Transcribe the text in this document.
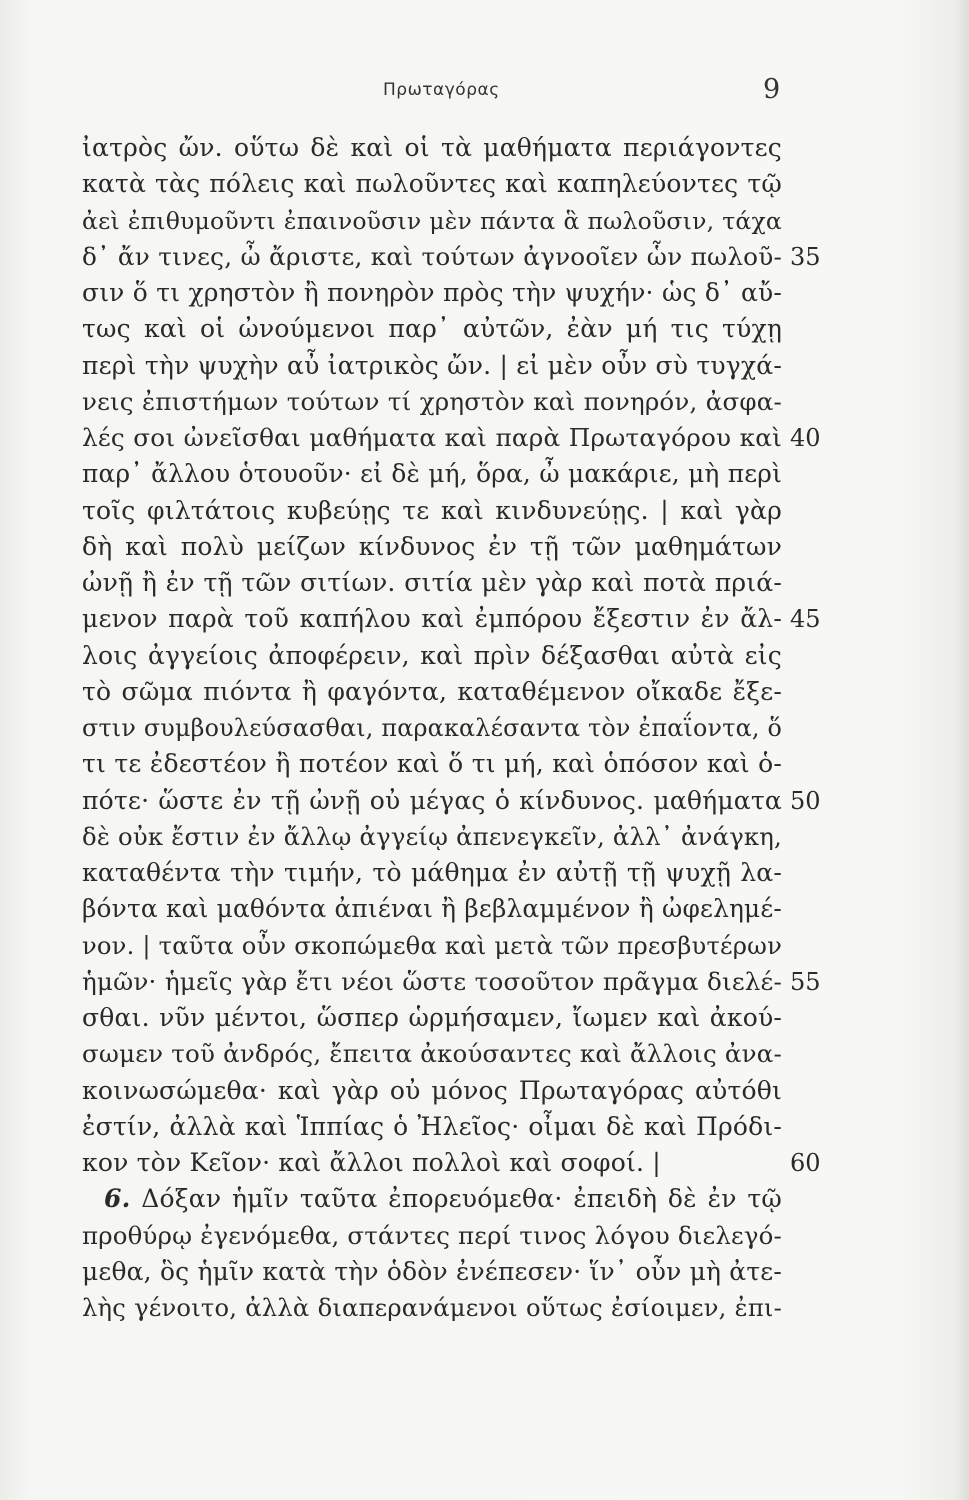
Πρωταγόρας	9
ἰατρὸς ὤν. οὕτω δὲ καὶ οἱ τὰ μαθήματα περιάγοντες
κατὰ τὰς πόλεις καὶ πωλοῦντες καὶ καπηλεύοντες τῷ
ἀεὶ ἐπιθυμοῦντι ἐπαινοῦσιν μὲν πάντα ἃ πωλοῦσιν, τάχα
δ᾽ ἄν τινες, ὦ ἄριστε, καὶ τούτων ἀγνοοῖεν ὧν πωλοῦ- 35
σιν ὅ τι χρηστὸν ἢ πονηρὸν πρὸς τὴν ψυχήν· ὡς δ᾽ αὔ-
τως καὶ οἱ ὠνούμενοι παρ᾽ αὐτῶν, ἐὰν μή τις τύχῃ
περὶ τὴν ψυχὴν αὖ ἰατρικὸς ὤν. | εἰ μὲν οὖν σὺ τυγχά-
νεις ἐπιστήμων τούτων τί χρηστὸν καὶ πονηρόν, ἀσφα-
λές σοι ὠνεῖσθαι μαθήματα καὶ παρὰ Πρωταγόρου καὶ 40
παρ᾽ ἄλλου ὁτουοῦν· εἰ δὲ μή, ὅρα, ὦ μακάριε, μὴ περὶ
τοῖς φιλτάτοις κυβεύῃς τε καὶ κινδυνεύῃς. | καὶ γὰρ
δὴ καὶ πολὺ μείζων κίνδυνος ἐν τῇ τῶν μαθημάτων
ὠνῇ ἢ ἐν τῇ τῶν σιτίων. σιτία μὲν γὰρ καὶ ποτὰ πριά-
μενον παρὰ τοῦ καπήλου καὶ ἐμπόρου ἔξεστιν ἐν ἄλ- 45
λοις ἀγγείοις ἀποφέρειν, καὶ πρὶν δέξασθαι αὐτὰ εἰς
τὸ σῶμα πιόντα ἢ φαγόντα, καταθέμενον οἴκαδε ἔξε-
στιν συμβουλεύσασθαι, παρακαλέσαντα τὸν ἐπαΐοντα, ὅ
τι τε ἐδεστέον ἢ ποτέον καὶ ὅ τι μή, καὶ ὁπόσον καὶ ὁ-
πότε· ὥστε ἐν τῇ ὠνῇ οὐ μέγας ὁ κίνδυνος. μαθήματα 50
δὲ οὐκ ἔστιν ἐν ἄλλῳ ἀγγείῳ ἀπενεγκεῖν, ἀλλ᾽ ἀνάγκη,
καταθέντα τὴν τιμήν, τὸ μάθημα ἐν αὐτῇ τῇ ψυχῇ λα-
βόντα καὶ μαθόντα ἀπιέναι ἢ βεβλαμμένον ἢ ὠφελημέ-
νον. | ταῦτα οὖν σκοπώμεθα καὶ μετὰ τῶν πρεσβυτέρων
ἡμῶν· ἡμεῖς γὰρ ἔτι νέοι ὥστε τοσοῦτον πρᾶγμα διελέ- 55
σθαι. νῦν μέντοι, ὥσπερ ὡρμήσαμεν, ἴωμεν καὶ ἀκού-
σωμεν τοῦ ἀνδρός, ἔπειτα ἀκούσαντες καὶ ἄλλοις ἀνα-
κοινωσώμεθα· καὶ γὰρ οὐ μόνος Πρωταγόρας αὐτόθι
ἐστίν, ἀλλὰ καὶ Ἱππίας ὁ Ἠλεῖος· οἶμαι δὲ καὶ Πρόδι-
κον τὸν Κεῖον· καὶ ἄλλοι πολλοὶ καὶ σοφοί. |	60
6. Δόξαν ἡμῖν ταῦτα ἐπορευόμεθα· ἐπειδὴ δὲ ἐν τῷ
προθύρῳ ἐγενόμεθα, στάντες περί τινος λόγου διελεγό-
μεθα, ὃς ἡμῖν κατὰ τὴν ὁδὸν ἐνέπεσεν· ἵν᾽ οὖν μὴ ἀτε-
λὴς γένοιτο, ἀλλὰ διαπερανάμενοι οὕτως ἐσίοιμεν, ἐπι-
